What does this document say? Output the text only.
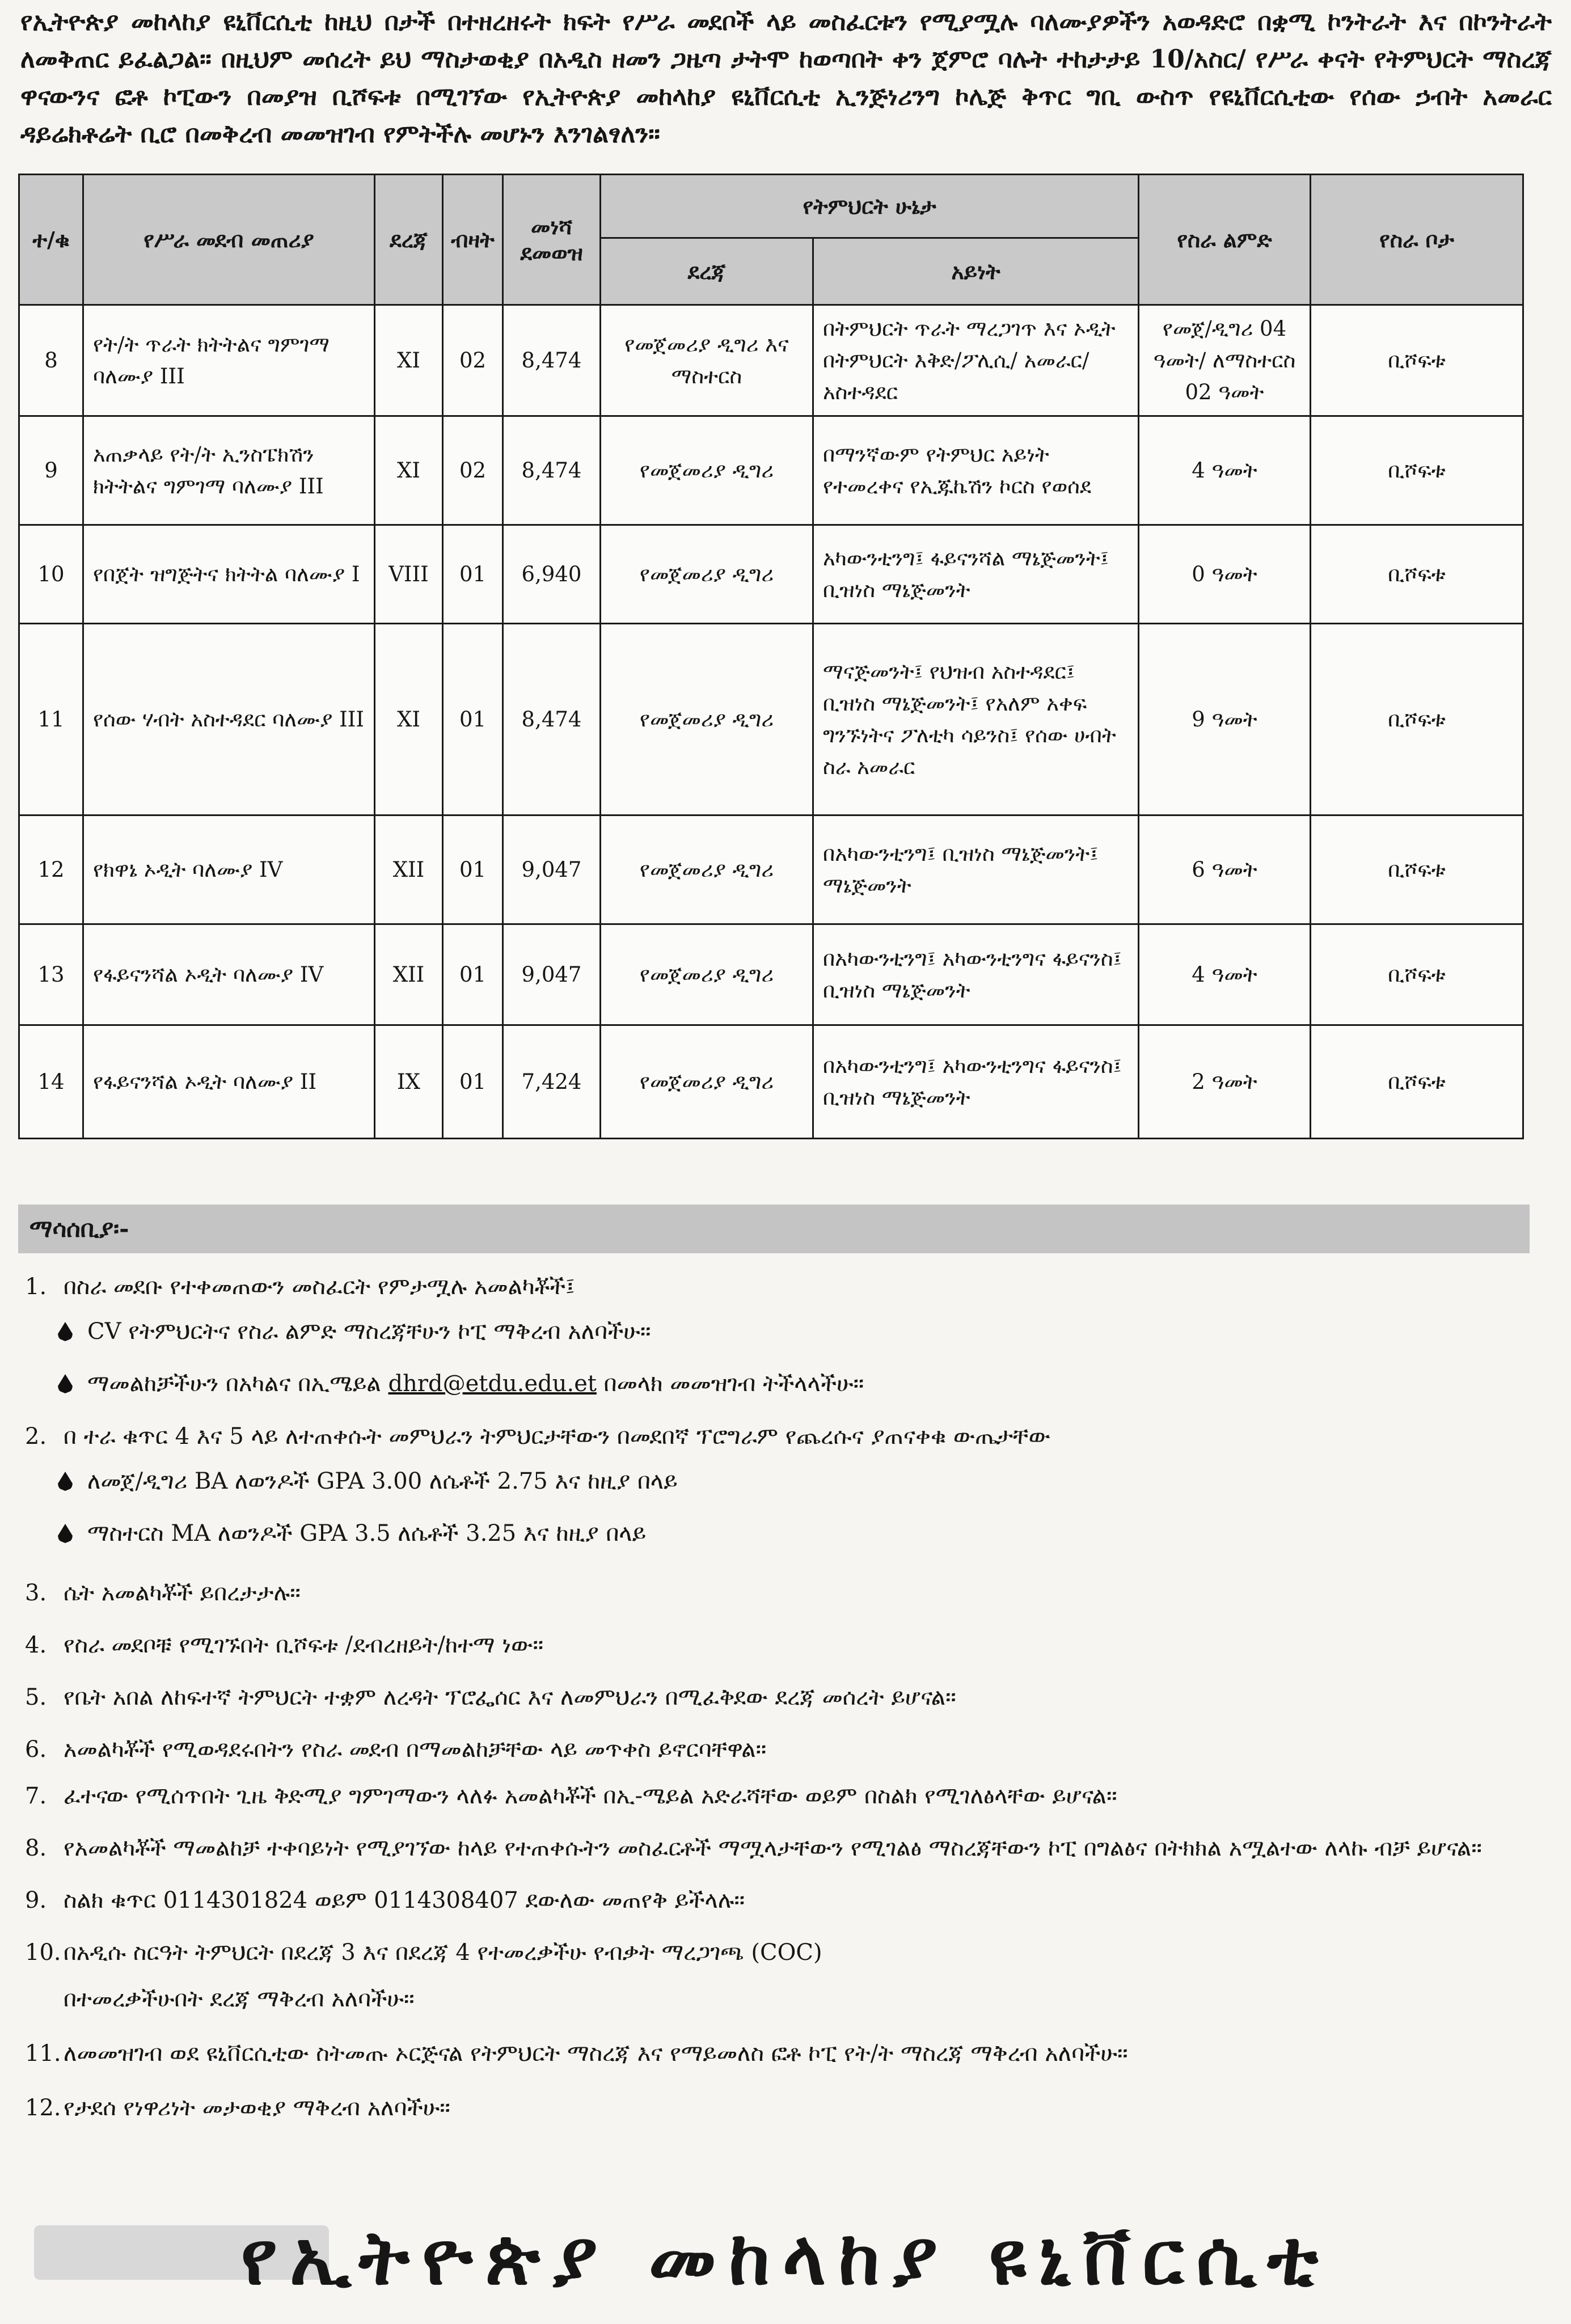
የኢትዮጵያ መከላከያ ዩኒቨርሲቲ ከዚህ በታች በተዘረዘሩት ክፍት የሥራ መደቦች ላይ መስፈርቱን የሚያሟሉ ባለሙያዎችን አወዳድሮ በቋሚ ኮንትራት እና በኮንትራት ለመቅጠር ይፈልጋል። በዚህም መሰረት ይህ ማስታወቂያ በአዲስ ዘመን ጋዜጣ ታትሞ ከወጣበት ቀን ጀምሮ ባሉት ተከታታይ 10/አስር/ የሥራ ቀናት የትምህርት ማስረጃ ዋናውንና ፎቶ ኮፒውን በመያዝ ቢሾፍቱ በሚገኘው የኢትዮጵያ መከላከያ ዩኒቨርሲቲ ኢንጅነሪንግ ኮሌጅ ቅጥር ግቢ ውስጥ የዩኒቨርሲቲው የሰው ኃብት አመራር ዳይሬክቶሬት ቢሮ በመቅረብ መመዝገብ የምትችሉ መሆኑን እንገልፃለን።
ተ/ቁ	የሥራ መደብ መጠሪያ	ደረጃ	ብዛት	መነሻ ደመወዝ	የትምህርት ሁኔታ		የስራ ልምድ	የስራ ቦታ
					ደረጃ	አይነት		
8	የት/ት ጥራት ክትትልና ግምገማ ባለሙያ III	XI	02	8,474	የመጀመሪያ ዲግሪ እና ማስተርስ	በትምህርት ጥራት ማረጋገጥ እና ኦዲት በትምህርት እቅድ/ፖሊሲ/ አመራር/አስተዳደር	የመጀ/ዲግሪ 04 ዓመት/ ለማስተርስ 02 ዓመት	ቢሾፍቱ
9	አጠቃላይ የት/ት ኢንስፔክሽን ክትትልና ግምገማ ባለሙያ III	XI	02	8,474	የመጀመሪያ ዲግሪ	በማንኛውም የትምህር አይነት የተመረቀና የኢጁኬሽን ኮርስ የወሰደ	4 ዓመት	ቢሾፍቱ
10	የበጀት ዝግጅትና ክትትል ባለሙያ I	VIII	01	6,940	የመጀመሪያ ዲግሪ	አካውንቲንግ፤ ፋይናንሻል ማኔጅመንት፤ ቢዝነስ ማኔጅመንት	0 ዓመት	ቢሾፍቱ
11	የሰው ሃብት አስተዳደር ባለሙያ III	XI	01	8,474	የመጀመሪያ ዲግሪ	ማናጅመንት፤ የህዝብ አስተዳደር፤ ቢዝነስ ማኔጅመንት፤ የአለም አቀፍ ግንኙነትና ፖለቲካ ሳይንስ፤ የሰው ሀብት ስራ አመራር	9 ዓመት	ቢሾፍቱ
12	የክዋኔ ኦዲት ባለሙያ IV	XII	01	9,047	የመጀመሪያ ዲግሪ	በአካውንቲንግ፤ ቢዝነስ ማኔጅመንት፤ ማኔጅመንት	6 ዓመት	ቢሾፍቱ
13	የፋይናንሻል ኦዲት ባለሙያ IV	XII	01	9,047	የመጀመሪያ ዲግሪ	በአካውንቲንግ፤ አካውንቲንግና ፋይናንስ፤ ቢዝነስ ማኔጅመንት	4 ዓመት	ቢሾፍቱ
14	የፋይናንሻል ኦዲት ባለሙያ II	IX	01	7,424	የመጀመሪያ ዲግሪ	በአካውንቲንግ፤ አካውንቲንግና ፋይናንስ፤ ቢዝነስ ማኔጅመንት	2 ዓመት	ቢሾፍቱ
ማሳሰቢያ፡-
1. በስራ መደቡ የተቀመጠውን መስፈርት የምታሟሉ አመልካቾች፤
CV የትምህርትና የስራ ልምድ ማስረጃቸሁን ኮፒ ማቅረብ አለባችሁ።
ማመልከቻችሁን በአካልና በኢሜይል
dhrd@etdu.edu.et
በመላክ መመዝገብ ትችላላችሁ።
2. በ ተራ ቁጥር 4 እና 5 ላይ ለተጠቀሱት መምህራን ትምህርታቸውን በመደበኛ ፕሮግራም የጨረሱና ያጠናቀቁ ውጤታቸው
ለመጀ/ዲግሪ BA ለወንዶች GPA 3.00 ለሴቶች 2.75 እና ከዚያ በላይ
ማስተርስ MA ለወንዶች GPA 3.5 ለሴቶች 3.25 እና ከዚያ በላይ
3. ሴት አመልካቾች ይበረታታሉ።
4. የስራ መደቦቹ የሚገኙበት ቢሾፍቱ /ደብረዘይት/ከተማ ነው።
5. የቤት አበል ለከፍተኛ ትምህርት ተቋም ለረዳት ፕሮፌሰር እና ለመምህራን በሚፈቅደው ደረጃ መሰረት ይሆናል።
6. አመልካቾች የሚወዳደሩበትን የስራ መደብ በማመልከቻቸው ላይ መጥቀስ ይኖርባቸዋል።
7. ፈተናው የሚሰጥበት ጊዜ ቅድሚያ ግምገማውን ላለፉ አመልካቾች በኢ-ሜይል አድራሻቸው ወይም በስልክ የሚገለፅላቸው ይሆናል።
8. የአመልካቾች ማመልከቻ ተቀባይነት የሚያገኘው ከላይ የተጠቀሱትን መስፈርቶች ማሟላታቸውን የሚገልፅ ማስረጃቸውን ኮፒ በግልፅና በትክክል አሟልተው ለላኩ ብቻ ይሆናል።
9. ስልክ ቁጥር 0114301824 ወይም 0114308407 ደውለው መጠየቅ ይችላሉ።
10. በአዲሱ ስርዓት ትምህርት በደረጃ 3 እና በደረጃ 4 የተመረቃችሁ የብቃት ማረጋገጫ (COC)
በተመረቃችሁበት ደረጃ ማቅረብ አለባችሁ።
11. ለመመዝገብ ወደ ዩኒቨርሲቲው ስትመጡ ኦርጅናል የትምህርት ማስረጃ እና የማይመለስ ፎቶ ኮፒ የት/ት ማስረጃ ማቅረብ አለባችሁ።
12. የታደሰ የነዋሪነት መታወቂያ ማቅረብ አለባችሁ።
የኢትዮጵያ መከላከያ ዩኒቨርሲቲ
